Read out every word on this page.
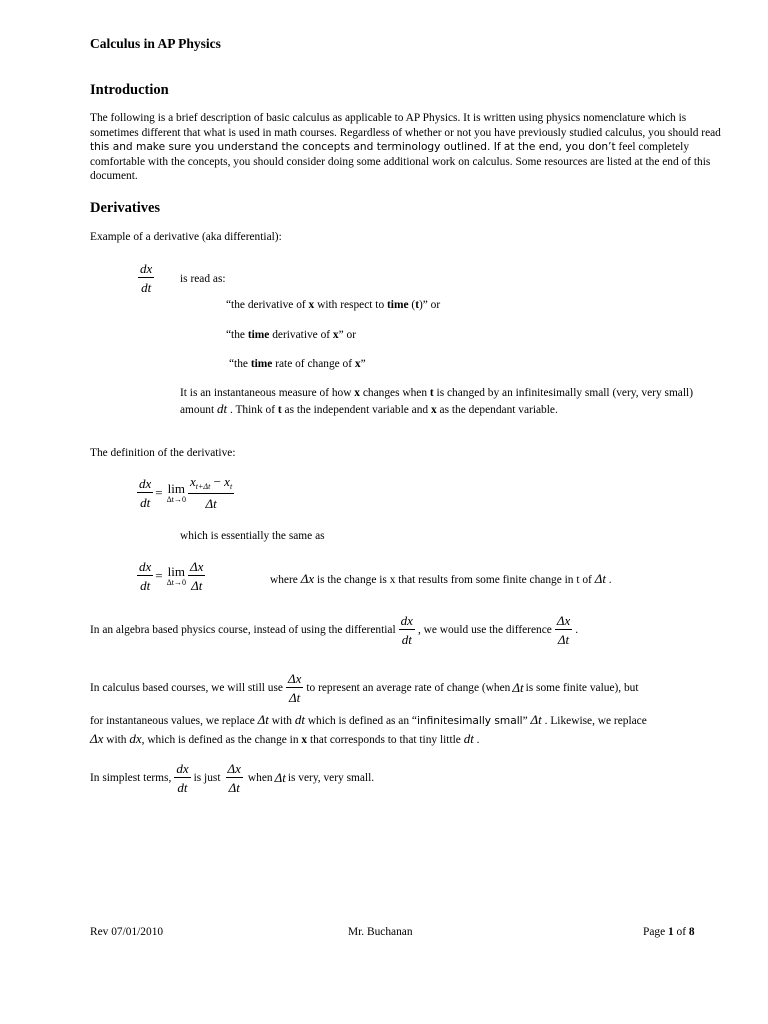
Calculus in AP Physics
Introduction
The following is a brief description of basic calculus as applicable to AP Physics. It is written using physics nomenclature which is sometimes different that what is used in math courses. Regardless of whether or not you have previously studied calculus, you should read this and make sure you understand the concepts and terminology outlined. If at the end, you don’t feel completely comfortable with the concepts, you should consider doing some additional work on calculus. Some resources are listed at the end of this document.
Derivatives
Example of a derivative (aka differential):
$\frac{dx}{dt}$ is read as:
“the derivative of x with respect to time (t)” or
“the time derivative of x” or
“the time rate of change of x”
It is an instantaneous measure of how x changes when t is changed by an infinitesimally small (very, very small) amount dt . Think of t as the independent variable and x as the dependant variable.
The definition of the derivative:
$\frac{dx}{dt} = \lim$
$\Delta t\to 0 \frac{x_{t+\Delta t} - x_t}{\Delta t}$
which is essentially the same as
$\frac{dx}{dt} = \lim$
$\Delta t\to 0 \frac{\Delta x}{\Delta t}$	where Δx is the change is x that results from some finite change in t of Δt .
In an algebra based physics course, instead of using the differential $\frac{dx}{dt}$ , we would use the difference $\frac{\Delta x}{\Delta t}$ .
In calculus based courses, we will still use $\frac{\Delta x}{\Delta t}$ to represent an average rate of change (when Δt is some finite value), but
for instantaneous values, we replace Δt with dt which is defined as an “infinitesimally small” Δt . Likewise, we replace
Δx with dx, which is defined as the change in x that corresponds to that tiny little dt .
In simplest terms, $\frac{dx}{dt}$ is just $\frac{\Delta x}{\Delta t}$ when Δt is very, very small.
Rev 07/01/2010	Mr. Buchanan	Page 1 of 8
